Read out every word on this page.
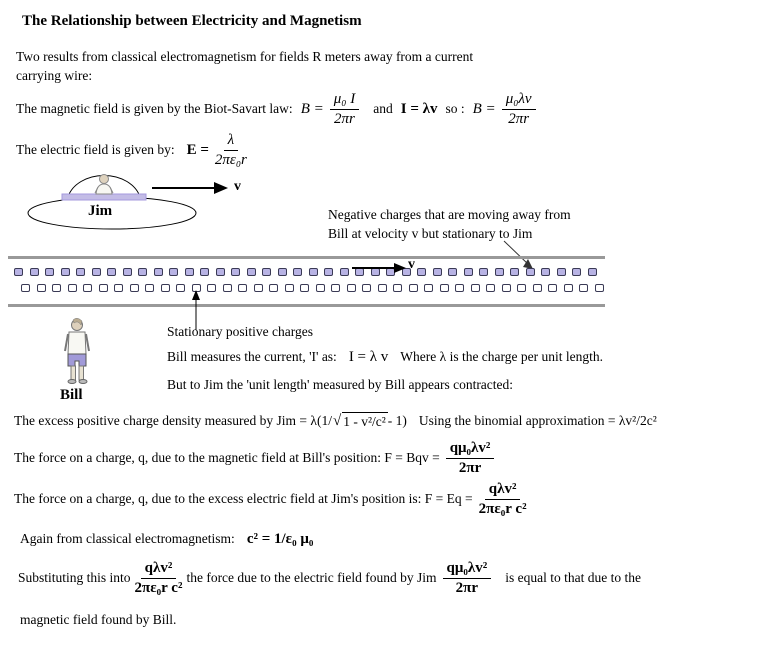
The Relationship between Electricity and Magnetism
Two results from classical electromagnetism for fields R meters away from a current
carrying wire:
The magnetic field is given by the Biot-Savart law: $B = \frac{\text{μ₀ I}}{2\pi r}$ and I = λv so : $B = \frac{\text{μ₀λv}}{2\pi r}$
The electric field is given by: $E = \frac{\lambda}{\text{2πε₀r}}$
Jim
v
Negative charges that are moving away from
Bill at velocity v but stationary to Jim
v
Bill
Stationary positive charges
Bill measures the current, 'I' as: I = λ v Where λ is the charge per unit length.
But to Jim the 'unit length' measured by Bill appears contracted:
The excess positive charge density measured by Jim = λ(1/ √ 1 - v²/c² - 1) Using the binomial approximation = λv²/2c²
The force on a charge, q, due to the magnetic field at Bill's position: F = Bqv = $\frac{\text{qμ₀λv²}}{2\pi r}$
The force on a charge, q, due to the excess electric field at Jim's position is: $F = Eq = \frac{\text{qλv²}}{\text{2πε₀r c²}}$
Again from classical electromagnetism: c² = 1/ε₀ μ₀
Substituting this into $\frac{\text{qλv²}}{\text{2πε₀r c²}}$ the force due to the electric field found by Jim $\frac{\text{qμ₀λv²}}{2\pi r}$ is equal to that due to the
magnetic field found by Bill.
